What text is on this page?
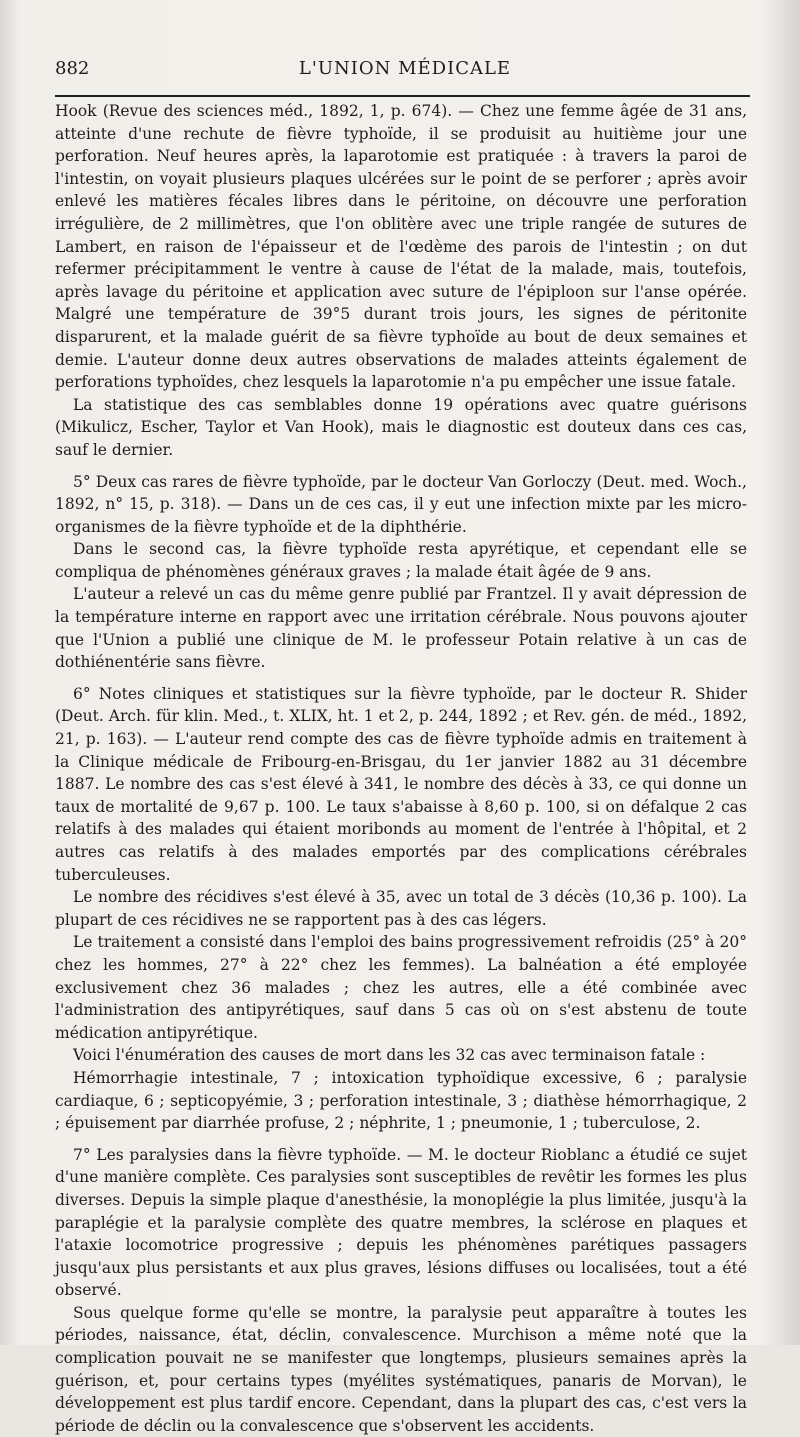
882	L'UNION MÉDICALE

Hook (Revue des sciences méd., 1892, 1, p. 674). — Chez une femme âgée de 31 ans, atteinte d'une rechute de fièvre typhoïde, il se produisit au huitième jour une perforation. Neuf heures après, la laparotomie est pratiquée : à travers la paroi de l'intestin, on voyait plusieurs plaques ulcérées sur le point de se perforer ; après avoir enlevé les matières fécales libres dans le péritoine, on découvre une perforation irrégulière, de 2 millimètres, que l'on oblitère avec une triple rangée de sutures de Lambert, en raison de l'épaisseur et de l'œdème des parois de l'intestin ; on dut refermer précipitamment le ventre à cause de l'état de la malade, mais, toutefois, après lavage du péritoine et application avec suture de l'épiploon sur l'anse opérée. Malgré une température de 39°5 durant trois jours, les signes de péritonite disparurent, et la malade guérit de sa fièvre typhoïde au bout de deux semaines et demie. L'auteur donne deux autres observations de malades atteints également de perforations typhoïdes, chez lesquels la laparotomie n'a pu empêcher une issue fatale.

La statistique des cas semblables donne 19 opérations avec quatre guérisons (Mikulicz, Escher, Taylor et Van Hook), mais le diagnostic est douteux dans ces cas, sauf le dernier.

5° Deux cas rares de fièvre typhoïde, par le docteur Van Gorloczy (Deut. med. Woch., 1892, n° 15, p. 318). — Dans un de ces cas, il y eut une infection mixte par les micro-organismes de la fièvre typhoïde et de la diphthérie.

Dans le second cas, la fièvre typhoïde resta apyrétique, et cependant elle se compliqua de phénomènes généraux graves ; la malade était âgée de 9 ans.

L'auteur a relevé un cas du même genre publié par Frantzel. Il y avait dépression de la température interne en rapport avec une irritation cérébrale. Nous pouvons ajouter que l'Union a publié une clinique de M. le professeur Potain relative à un cas de dothiénentérie sans fièvre.

6° Notes cliniques et statistiques sur la fièvre typhoïde, par le docteur R. Shider (Deut. Arch. für klin. Med., t. XLIX, ht. 1 et 2, p. 244, 1892 ; et Rev. gén. de méd., 1892, 21, p. 163). — L'auteur rend compte des cas de fièvre typhoïde admis en traitement à la Clinique médicale de Fribourg-en-Brisgau, du 1er janvier 1882 au 31 décembre 1887. Le nombre des cas s'est élevé à 341, le nombre des décès à 33, ce qui donne un taux de mortalité de 9,67 p. 100. Le taux s'abaisse à 8,60 p. 100, si on défalque 2 cas relatifs à des malades qui étaient moribonds au moment de l'entrée à l'hôpital, et 2 autres cas relatifs à des malades emportés par des complications cérébrales tuberculeuses.

Le nombre des récidives s'est élevé à 35, avec un total de 3 décès (10,36 p. 100). La plupart de ces récidives ne se rapportent pas à des cas légers.

Le traitement a consisté dans l'emploi des bains progressivement refroidis (25° à 20° chez les hommes, 27° à 22° chez les femmes). La balnéation a été employée exclusivement chez 36 malades ; chez les autres, elle a été combinée avec l'administration des antipyrétiques, sauf dans 5 cas où on s'est abstenu de toute médication antipyrétique.

Voici l'énumération des causes de mort dans les 32 cas avec terminaison fatale :

Hémorrhagie intestinale, 7 ; intoxication typhoïdique excessive, 6 ; paralysie cardiaque, 6 ; septicopyémie, 3 ; perforation intestinale, 3 ; diathèse hémorrhagique, 2 ; épuisement par diarrhée profuse, 2 ; néphrite, 1 ; pneumonie, 1 ; tuberculose, 2.

7° Les paralysies dans la fièvre typhoïde. — M. le docteur Rioblanc a étudié ce sujet d'une manière complète. Ces paralysies sont susceptibles de revêtir les formes les plus diverses. Depuis la simple plaque d'anesthésie, la monoplégie la plus limitée, jusqu'à la paraplégie et la paralysie complète des quatre membres, la sclérose en plaques et l'ataxie locomotrice progressive ; depuis les phénomènes parétiques passagers jusqu'aux plus persistants et aux plus graves, lésions diffuses ou localisées, tout a été observé.

Sous quelque forme qu'elle se montre, la paralysie peut apparaître à toutes les périodes, naissance, état, déclin, convalescence. Murchison a même noté que la complication pouvait ne se manifester que longtemps, plusieurs semaines après la guérison, et, pour certains types (myélites systématiques, panaris de Morvan), le développement est plus tardif encore. Cependant, dans la plupart des cas, c'est vers la période de déclin ou la convalescence que s'observent les accidents.
